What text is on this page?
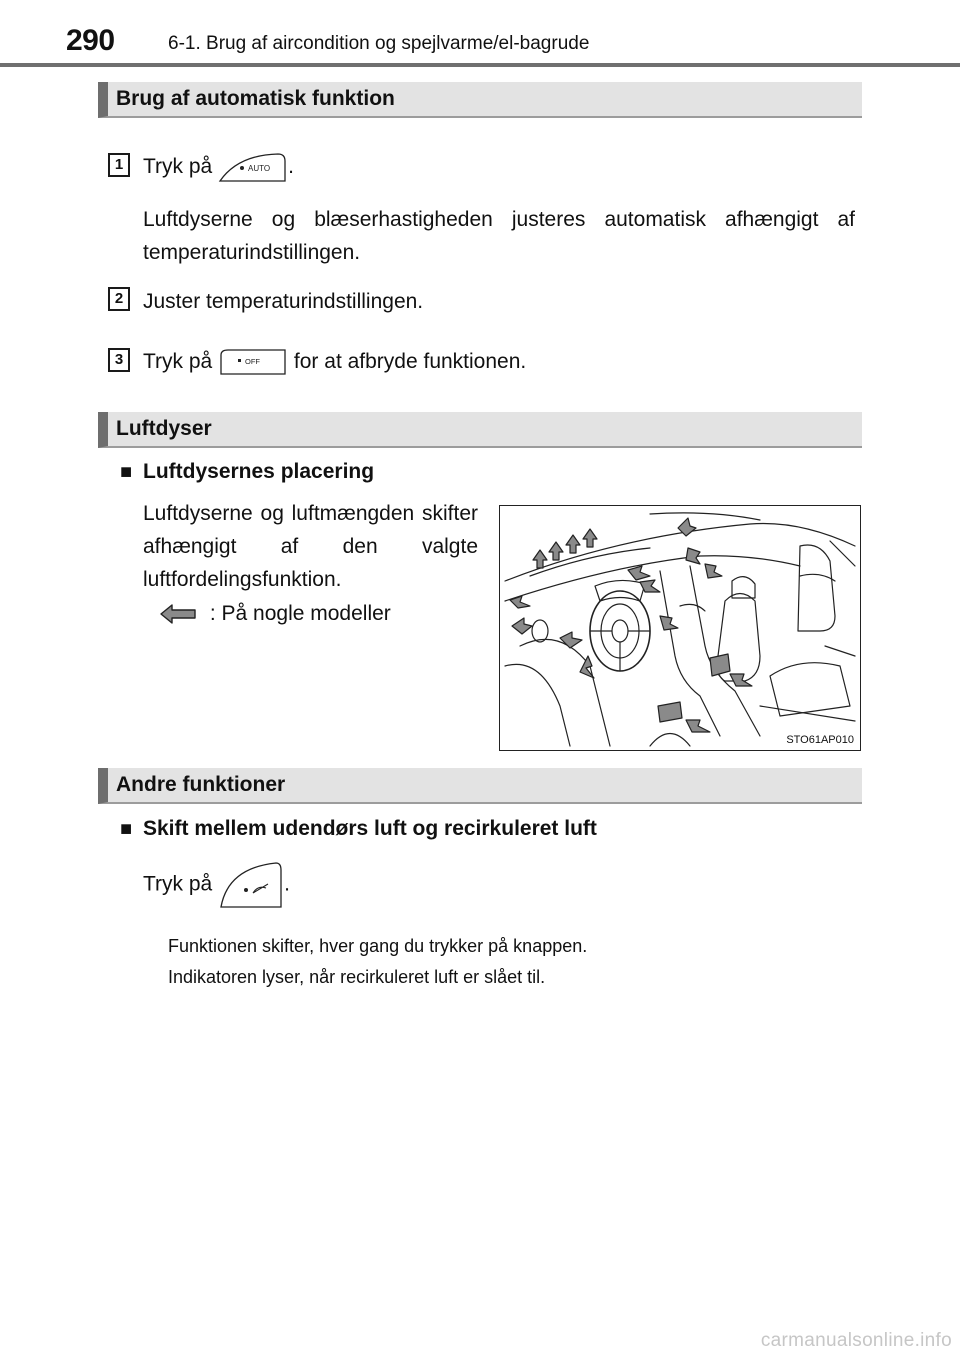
290	6-1. Brug af aircondition og spejlvarme/el-bagrude
Brug af automatisk funktion
1 Tryk på	AUTO .
Luftdyserne og blæserhastigheden justeres automatisk afhængigt af temperaturindstillingen.
2 Juster temperaturindstillingen.
3 Tryk på	OFF for at afbryde funktionen.
Luftdyser
■ Luftdysernes placering
Luftdyserne og luftmængden skifter afhængigt af den valgte luftfordelingsfunktion.
: På nogle modeller
STO61AP010
Andre funktioner
■ Skift mellem udendørs luft og recirkuleret luft
Tryk på	.
Funktionen skifter, hver gang du trykker på knappen.
Indikatoren lyser, når recirkuleret luft er slået til.
carmanualsonline.info
